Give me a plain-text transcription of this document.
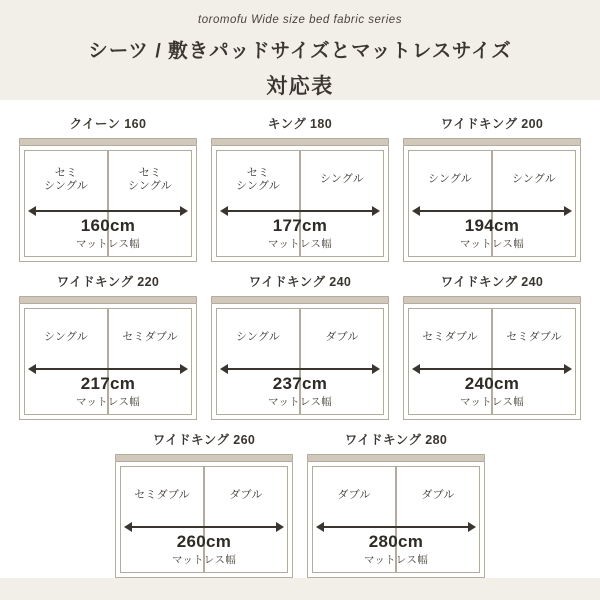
toromofu Wide size bed fabric series
シーツ / 敷きパッドサイズとマットレスサイズ
対応表
クイーン 160
セミ
シングル
セミ
シングル
160cm
マットレス幅
キング 180
セミ
シングル
シングル
177cm
マットレス幅
ワイドキング 200
シングル	シングル
194cm
マットレス幅
ワイドキング 220
シングル	セミダブル
217cm
マットレス幅
ワイドキング 240
シングル	ダブル
237cm
マットレス幅
ワイドキング 240
セミダブル	セミダブル
240cm
マットレス幅
ワイドキング 260
セミダブル	ダブル
260cm
マットレス幅
ワイドキング 280
ダブル	ダブル
280cm
マットレス幅
